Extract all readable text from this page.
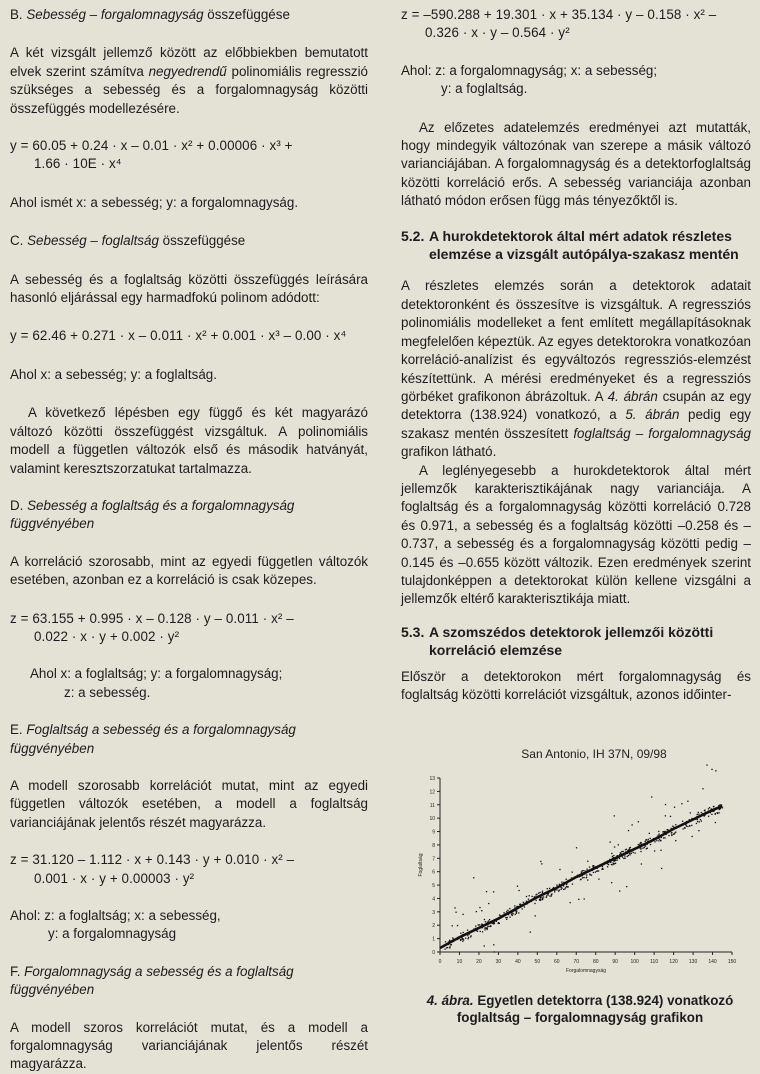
B. Sebesség – forgalomnagyság összefüggése

A két vizsgált jellemző között az előbbiekben bemutatott elvek szerint számítva negyedrendű polinomiális regresszió szükséges a sebesség és a forgalomnagyság közötti összefüggés modellezésére.

y = 60.05 + 0.24 · x – 0.01 · x² + 0.00006 · x³ +
1.66 · 10E · x⁴

Ahol ismét x: a sebesség; y: a forgalomnagyság.

C. Sebesség – foglaltság összefüggése

A sebesség és a foglaltság közötti összefüggés leírására hasonló eljárással egy harmadfokú polinom adódott:

y = 62.46 + 0.271 · x – 0.011 · x² + 0.001 · x³ – 0.00 · x⁴

Ahol x: a sebesség; y: a foglaltság.

A következő lépésben egy függő és két magyarázó változó közötti összefüggést vizsgáltuk. A polinomiális modell a független változók első és második hatványát, valamint keresztszorzatukat tartalmazza.

D. Sebesség a foglaltság és a forgalomnagyság függvényében

A korreláció szorosabb, mint az egyedi független változók esetében, azonban ez a korreláció is csak közepes.

z = 63.155 + 0.995 · x – 0.128 · y – 0.011 · x² –
0.022 · x · y + 0.002 · y²

Ahol x: a foglaltság; y: a forgalomnagyság;
z: a sebesség.

E. Foglaltság a sebesség és a forgalomnagyság függvényében

A modell szorosabb korrelációt mutat, mint az egyedi független változók esetében, a modell a foglaltság varianciájának jelentős részét magyarázza.

z = 31.120 – 1.112 · x + 0.143 · y + 0.010 · x² –
0.001 · x · y + 0.00003 · y²

Ahol: z: a foglaltság; x: a sebesség,
y: a forgalomnagyság

F. Forgalomnagyság a sebesség és a foglaltság függvényében

A modell szoros korrelációt mutat, és a modell a forgalomnagyság varianciájának jelentős részét magyarázza.

z = –590.288 + 19.301 · x + 35.134 · y – 0.158 · x² –
0.326 · x · y – 0.564 · y²

Ahol: z: a forgalomnagyság; x: a sebesség;
y: a foglaltság.

Az előzetes adatelemzés eredményei azt mutatták, hogy mindegyik változónak van szerepe a másik változó varianciájában. A forgalomnagyság és a detektorfoglaltság közötti korreláció erős. A sebesség varianciája azonban látható módon erősen függ más tényezőktől is.

5.2. A hurokdetektorok által mért adatok részletes
elemzése a vizsgált autópálya-szakasz mentén

A részletes elemzés során a detektorok adatait detektoronként és összesítve is vizsgáltuk. A regressziós polinomiális modelleket a fent említett megállapításoknak megfelelően képeztük. Az egyes detektorokra vonatkozóan korreláció-analízist és egyváltozós regressziós-elemzést készítettünk. A mérési eredményeket és a regressziós görbéket grafikonon ábrázoltuk. A 4. ábrán csupán az egy detektorra (138.924) vonatkozó, a 5. ábrán pedig egy szakasz mentén összesített foglaltság – forgalomnagyság grafikon látható.

A leglényegesebb a hurokdetektorok által mért jellemzők karakterisztikájának nagy varianciája. A foglaltság és a forgalomnagyság közötti korreláció 0.728 és 0.971, a sebesség és a foglaltság közötti –0.258 és –0.737, a sebesség és a forgalomnagyság közötti pedig –0.145 és –0.655 között változik. Ezen eredmények szerint tulajdonképpen a detektorokat külön kellene vizsgálni a jellemzők eltérő karakterisztikája miatt.

5.3. A szomszédos detektorok jellemzői közötti
korreláció elemzése

Először a detektorokon mért forgalomnagyság és foglaltság közötti korrelációt vizsgáltuk, azonos időinter-

San Antonio, IH 37N, 09/98
0	10	20	30	40	50	60	70	80	90	100 110 120 130 140 150
0
1
2
3
4
5
6
7
8
9
10
11
12
13
Forgalomnagyság
Foglaltság
4. ábra. Egyetlen detektorra (138.924) vonatkozó
foglaltság – forgalomnagyság grafikon
